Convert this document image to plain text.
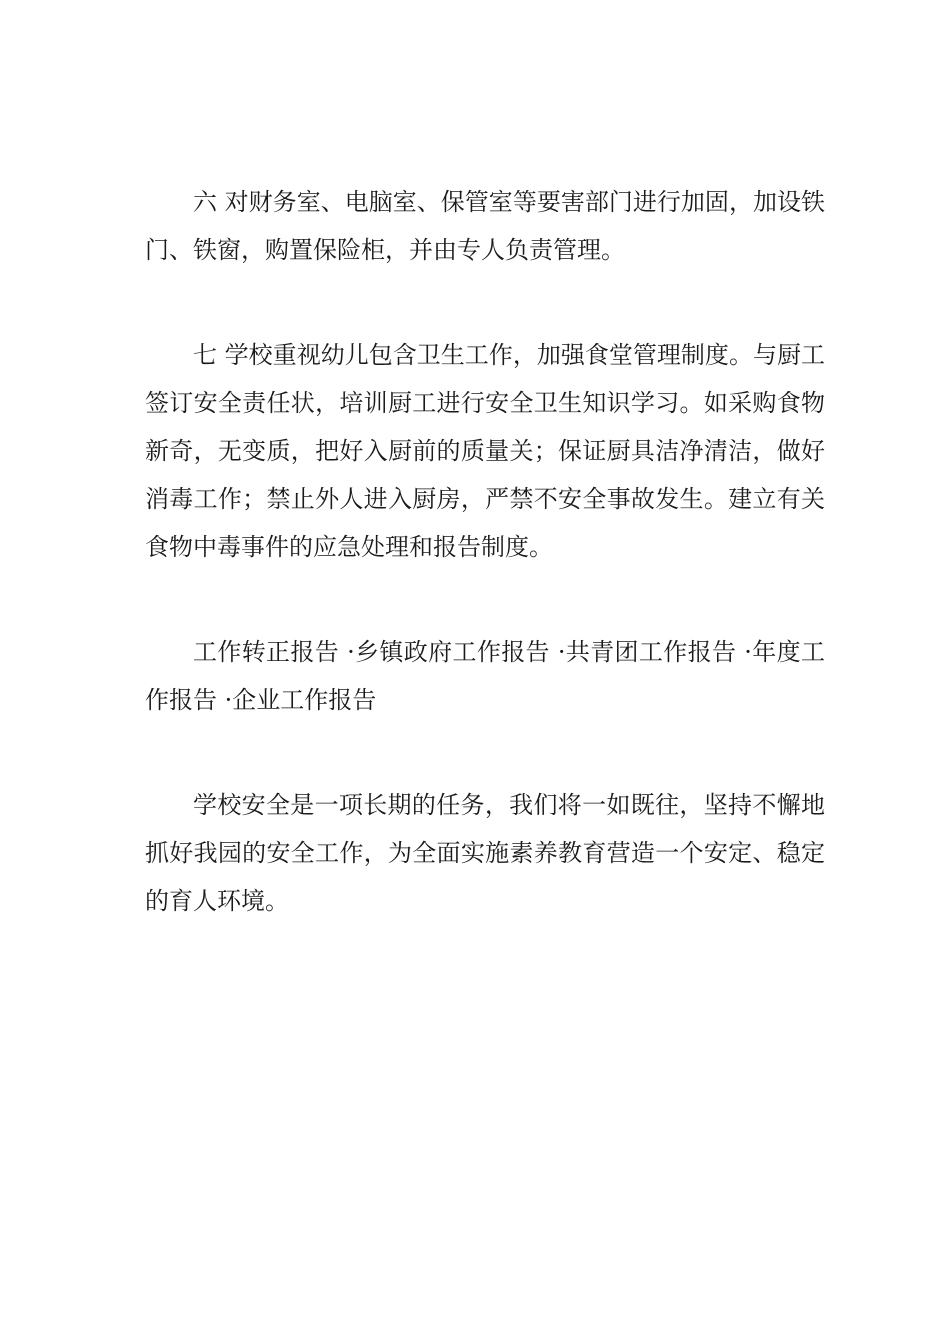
六 对财务室、电脑室、保管室等要害部门进行加固，加设铁门、铁窗，购置保险柜，并由专人负责管理。

七 学校重视幼儿包含卫生工作，加强食堂管理制度。与厨工签订安全责任状，培训厨工进行安全卫生知识学习。如采购食物新奇，无变质，把好入厨前的质量关；保证厨具洁净清洁，做好消毒工作；禁止外人进入厨房，严禁不安全事故发生。建立有关食物中毒事件的应急处理和报告制度。

工作转正报告 ·乡镇政府工作报告 ·共青团工作报告 ·年度工作报告 ·企业工作报告

学校安全是一项长期的任务，我们将一如既往，坚持不懈地抓好我园的安全工作，为全面实施素养教育营造一个安定、稳定的育人环境。
